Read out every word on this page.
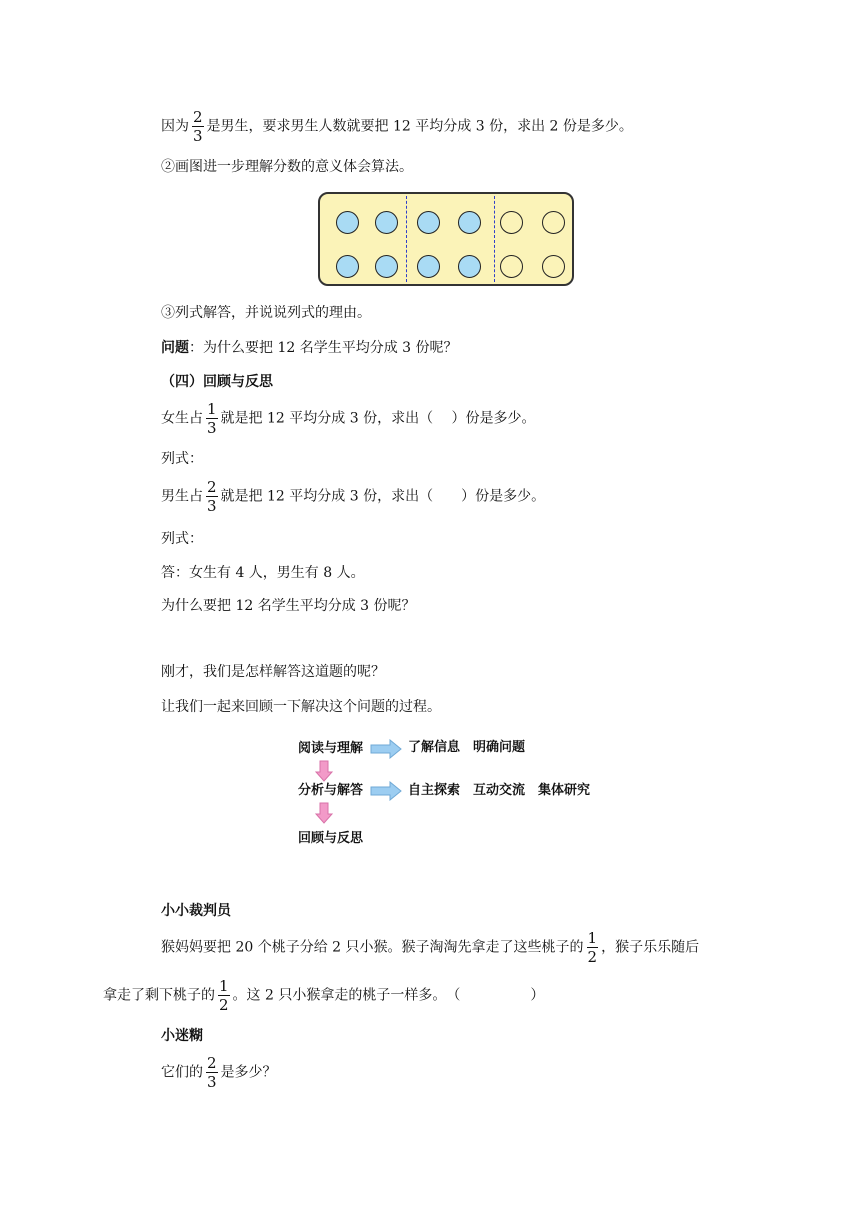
因为 $\frac{2}{3}$ 是男生，要求男生人数就要把 12 平均分成 3 份，求出 2 份是多少。
②画图进一步理解分数的意义体会算法。
③列式解答，并说说列式的理由。
问题：为什么要把 12 名学生平均分成 3 份呢？
（四）回顾与反思
女生占 $\frac{1}{3}$ 就是把 12 平均分成 3 份，求出（　 ）份是多少。
列式：
男生占 $\frac{2}{3}$ 就是把 12 平均分成 3 份，求出（　　）份是多少。
列式：
答：女生有 4 人，男生有 8 人。
为什么要把 12 名学生平均分成 3 份呢？
刚才，我们是怎样解答这道题的呢？
让我们一起来回顾一下解决这个问题的过程。
阅读与理解	了解信息　明确问题
分析与解答	自主探索　互动交流　集体研究
回顾与反思
小小裁判员
猴妈妈要把 20 个桃子分给 2 只小猴。猴子淘淘先拿走了这些桃子的 $\frac{1}{2}$ ，猴子乐乐随后
拿走了剩下桃子的 $\frac{1}{2}$ 。这 2 只小猴拿走的桃子一样多。　（　　　　　）
小迷糊
它们的 $\frac{2}{3}$ 是多少？
